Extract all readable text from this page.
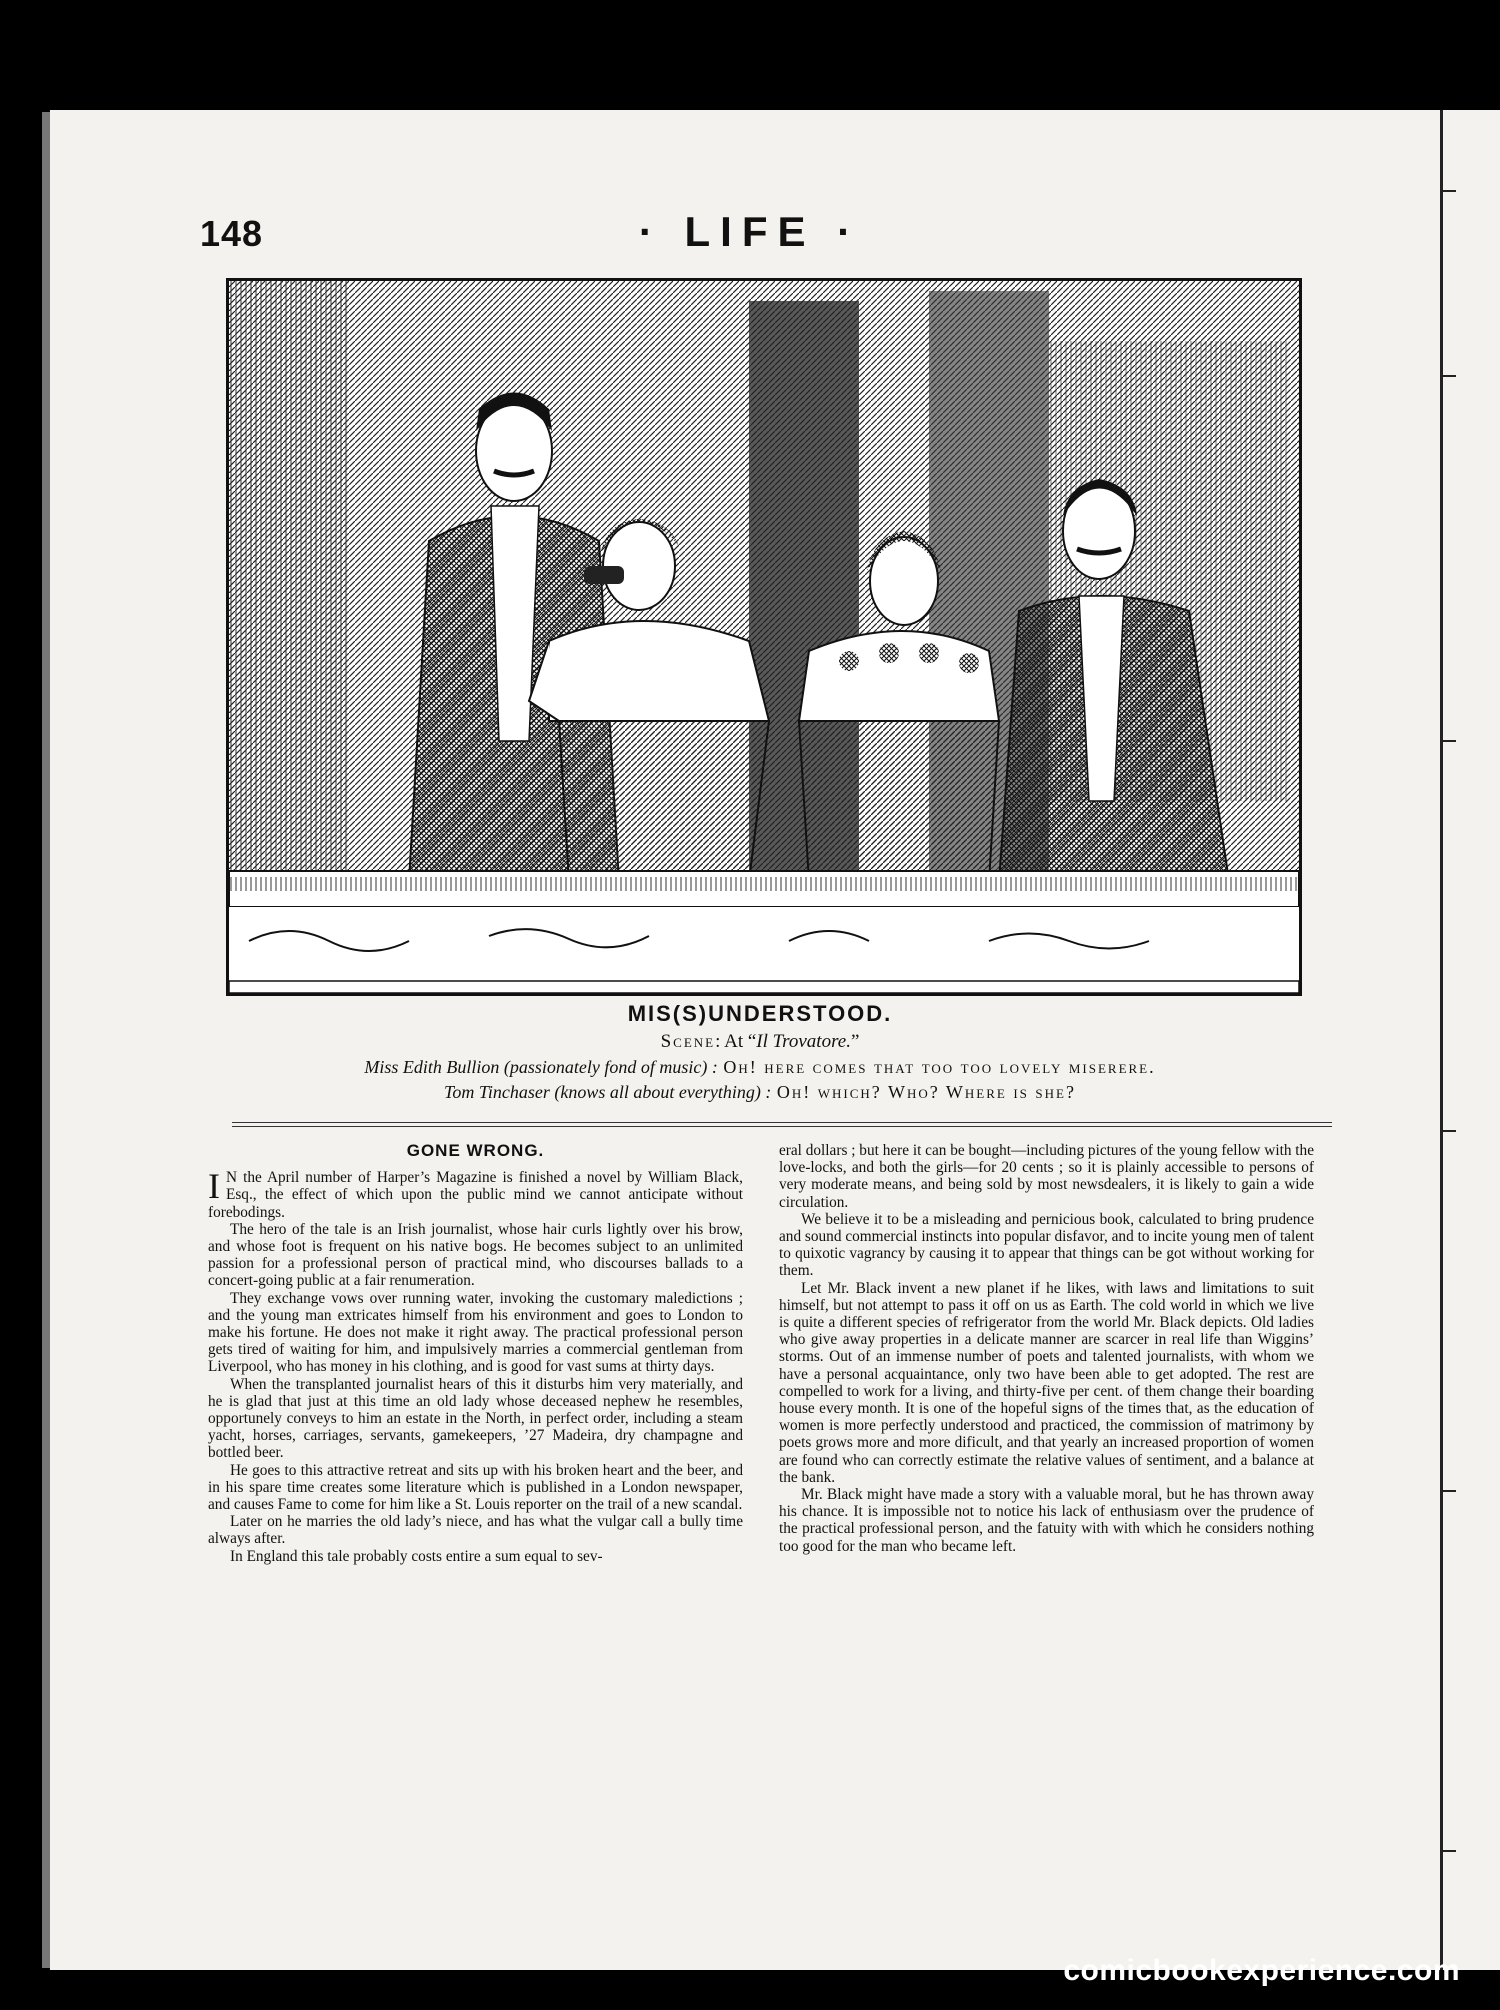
148	· LIFE ·
MIS(S)UNDERSTOOD.
Scene: At “Il Trovatore.”
Miss Edith Bullion (passionately fond of music) : Oh! here comes that too too lovely miserere.
Tom Tinchaser (knows all about everything) : Oh! which? Who? Where is she?
GONE WRONG.

I N the April number of Harper’s Magazine is finished a novel by William Black, Esq., the effect of which upon the public mind we cannot anticipate without forebodings.

The hero of the tale is an Irish journalist, whose hair curls lightly over his brow, and whose foot is frequent on his native bogs. He becomes subject to an unlimited passion for a professional person of practical mind, who discourses ballads to a concert-going public at a fair renumeration.

They exchange vows over running water, invoking the customary maledictions ; and the young man extricates himself from his environment and goes to London to make his fortune. He does not make it right away. The practical professional person gets tired of waiting for him, and impulsively marries a commercial gentleman from Liverpool, who has money in his clothing, and is good for vast sums at thirty days.

When the transplanted journalist hears of this it disturbs him very materially, and he is glad that just at this time an old lady whose deceased nephew he resembles, opportunely conveys to him an estate in the North, in perfect order, including a steam yacht, horses, carriages, servants, gamekeepers, ’27 Madeira, dry champagne and bottled beer.

He goes to this attractive retreat and sits up with his broken heart and the beer, and in his spare time creates some literature which is published in a London newspaper, and causes Fame to come for him like a St. Louis reporter on the trail of a new scandal.

Later on he marries the old lady’s niece, and has what the vulgar call a bully time always after.

In England this tale probably costs entire a sum equal to sev-

eral dollars ; but here it can be bought—including pictures of the young fellow with the love-locks, and both the girls—for 20 cents ; so it is plainly accessible to persons of very moderate means, and being sold by most newsdealers, it is likely to gain a wide circulation.

We believe it to be a misleading and pernicious book, calculated to bring prudence and sound commercial instincts into popular disfavor, and to incite young men of talent to quixotic vagrancy by causing it to appear that things can be got without working for them.

Let Mr. Black invent a new planet if he likes, with laws and limitations to suit himself, but not attempt to pass it off on us as Earth. The cold world in which we live is quite a different species of refrigerator from the world Mr. Black depicts. Old ladies who give away properties in a delicate manner are scarcer in real life than Wiggins’ storms. Out of an immense number of poets and talented journalists, with whom we have a personal acquaintance, only two have been able to get adopted. The rest are compelled to work for a living, and thirty-five per cent. of them change their boarding house every month. It is one of the hopeful signs of the times that, as the education of women is more perfectly understood and practiced, the commission of matrimony by poets grows more and more dificult, and that yearly an increased proportion of women are found who can correctly estimate the relative values of sentiment, and a balance at the bank.

Mr. Black might have made a story with a valuable moral, but he has thrown away his chance. It is impossible not to notice his lack of enthusiasm over the prudence of the practical professional person, and the fatuity with with which he considers nothing too good for the man who became left.

comicbookexperience.com
